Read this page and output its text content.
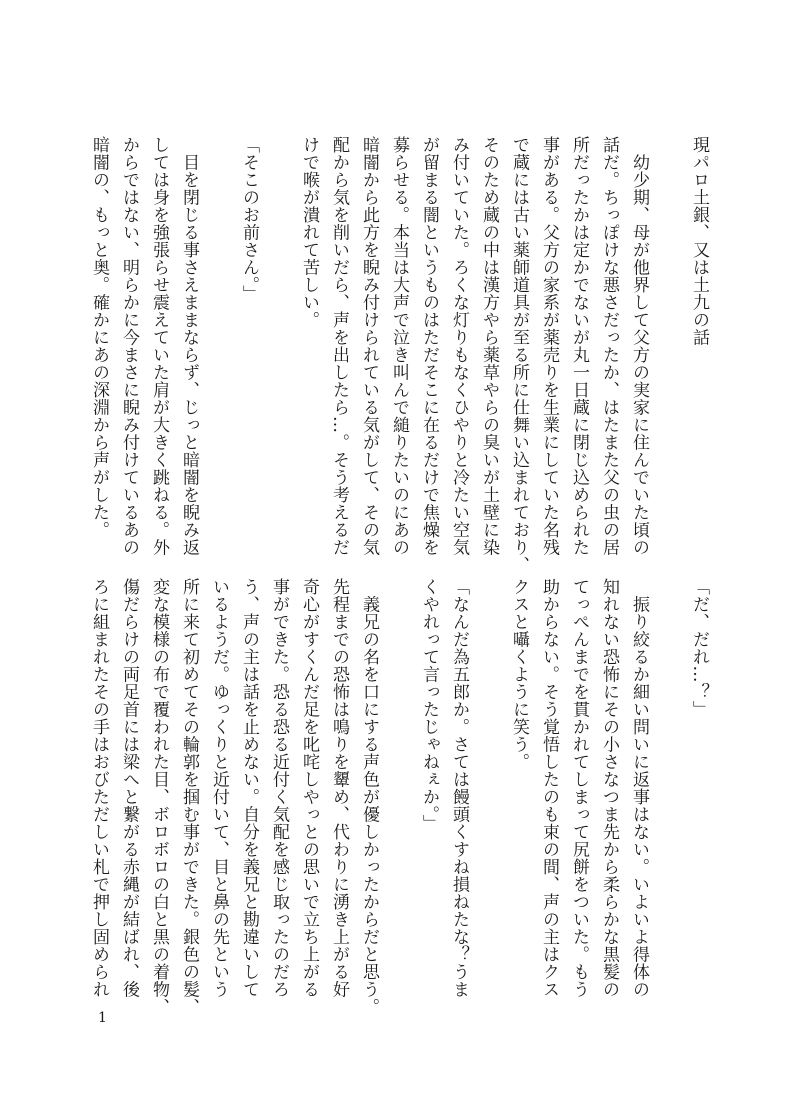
現パロ土銀、又は土九の話

　幼少期、母が他界して父方の実家に住んでいた頃の

話だ。ちっぽけな悪さだったか、はたまた父の虫の居

所だったかは定かでないが丸一日蔵に閉じ込められた

事がある。父方の家系が薬売りを生業にしていた名残

で蔵には古い薬師道具が至る所に仕舞い込まれており、

そのため蔵の中は漢方やら薬草やらの臭いが土壁に染

み付いていた。ろくな灯りもなくひやりと冷たい空気

が留まる闇というものはただそこに在るだけで焦燥を

募らせる。本当は大声で泣き叫んで縋りたいのにあの

暗闇から此方を睨み付けられている気がして、その気

配から気を削いだら、声を出したら…。そう考えるだ

けで喉が潰れて苦しい。

「そこのお前さん。」

　目を閉じる事さえままならず、じっと暗闇を睨み返

しては身を強張らせ震えていた肩が大きく跳ねる。外

からではない、明らかに今まさに睨み付けているあの

暗闇の、もっと奥。確かにあの深淵から声がした。

「だ、だれ…？」

　振り絞るか細い問いに返事はない。いよいよ得体の

知れない恐怖にその小さなつま先から柔らかな黒髪の

てっぺんまでを貫かれてしまって尻餅をついた。もう

助からない。そう覚悟したのも束の間、声の主はクス

クスと囁くように笑う。

「なんだ為五郎か。さては饅頭くすね損ねたな？うま

くやれって言ったじゃねぇか。」

　義兄の名を口にする声色が優しかったからだと思う。

先程までの恐怖は鳴りを顰め、代わりに湧き上がる好

奇心がすくんだ足を叱咤しやっとの思いで立ち上がる

事ができた。恐る恐る近付く気配を感じ取ったのだろ

う、声の主は話を止めない。自分を義兄と勘違いして

いるようだ。ゆっくりと近付いて、目と鼻の先という

所に来て初めてその輪郭を掴む事ができた。銀色の髪、

変な模様の布で覆われた目、ボロボロの白と黒の着物、

傷だらけの両足首には梁へと繋がる赤縄が結ばれ、後

ろに組まれたその手はおびただしい札で押し固められ

1
